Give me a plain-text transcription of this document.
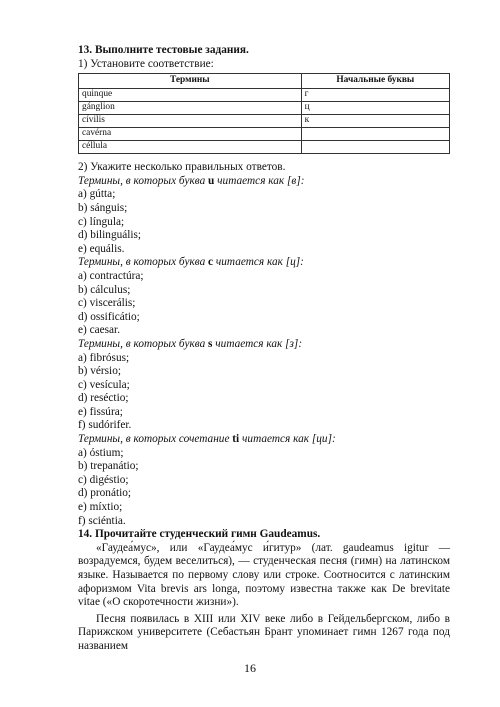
13. Выполните тестовые задания.
1) Установите соответствие:
Термины	Начальные буквы
quinque	г
gánglion	ц
cívilis	к
cavérna	
céllula	
2) Укажите несколько правильных ответов.
Термины, в которых буква u читается как [в]:
a) gútta;
b) sánguis;
c) língula;
d) bilinguális;
e) equális.
Термины, в которых буква c читается как [ц]:
a) contractúra;
b) cálculus;
c) viscerális;
d) ossificátio;
e) caesar.
Термины, в которых буква s читается как [з]:
a) fibrósus;
b) vérsio;
c) vesícula;
d) reséctio;
e) fissúra;
f) sudórifer.
Термины, в которых сочетание ti читается как [ци]:
a) óstium;
b) trepanátio;
c) digéstio;
d) pronátio;
e) míxtio;
f) sciéntia.
14. Прочитайте студенческий гимн Gaudeamus.
«Гаудеа́мус», или «Гаудеа́мус и́гитур» (лат. gaudeamus igitur — возрадуемся, будем веселиться), — студенческая песня (гимн) на латинском языке. Называется по первому слову или строке. Соотносится с латинским афоризмом Vita brevis ars longa, поэтому известна также как De brevitate vitae («О скоротечности жизни»).
Песня появилась в XIII или XIV веке либо в Гейдельбергском, либо в Парижском университете (Себастьян Брант упоминает гимн 1267 года под названием
16
